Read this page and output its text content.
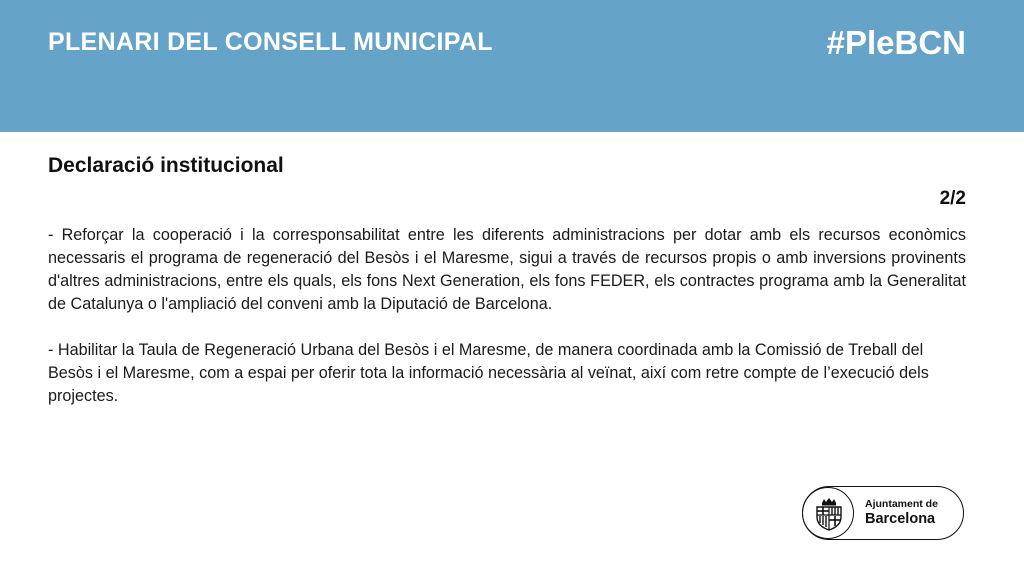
PLENARI DEL CONSELL MUNICIPAL	#PleBCN
Declaració institucional
2/2

- Reforçar la cooperació i la corresponsabilitat entre les diferents administracions per dotar amb els recursos econòmics necessaris el programa de regeneració del Besòs i el Maresme, sigui a través de recursos propis o amb inversions provinents d'altres administracions, entre els quals, els fons Next Generation, els fons FEDER, els contractes programa amb la Generalitat de Catalunya o l'ampliació del conveni amb la Diputació de Barcelona.

- Habilitar la Taula de Regeneració Urbana del Besòs i el Maresme, de manera coordinada amb la Comissió de Treball del Besòs i el Maresme, com a espai per oferir tota la informació necessària al veïnat, així com retre compte de l’execució dels projectes.

Ajuntament de
Barcelona
